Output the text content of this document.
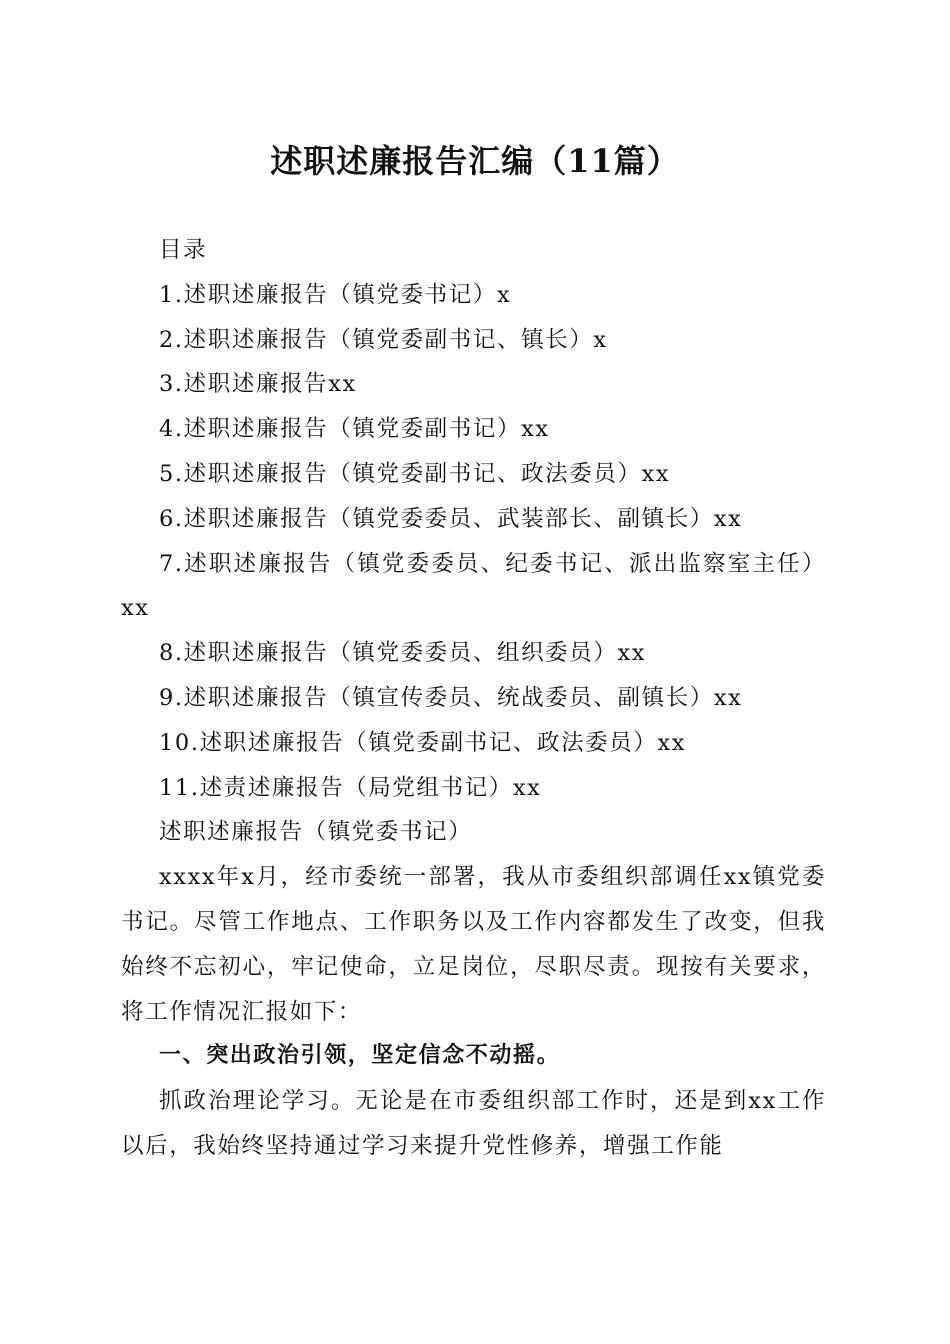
述职述廉报告汇编（11篇）

目录

1.述职述廉报告（镇党委书记）x

2.述职述廉报告（镇党委副书记、镇长）x

3.述职述廉报告xx

4.述职述廉报告（镇党委副书记）xx

5.述职述廉报告（镇党委副书记、政法委员）xx

6.述职述廉报告（镇党委委员、武装部长、副镇长）xx

7.述职述廉报告（镇党委委员、纪委书记、派出监察室主任）xx

8.述职述廉报告（镇党委委员、组织委员）xx

9.述职述廉报告（镇宣传委员、统战委员、副镇长）xx

10.述职述廉报告（镇党委副书记、政法委员）xx

11.述责述廉报告（局党组书记）xx

述职述廉报告（镇党委书记）

xxxx年x月，经市委统一部署，我从市委组织部调任xx镇党委书记。尽管工作地点、工作职务以及工作内容都发生了改变，但我始终不忘初心，牢记使命，立足岗位，尽职尽责。现按有关要求，将工作情况汇报如下：

一、突出政治引领，坚定信念不动摇。

抓政治理论学习。无论是在市委组织部工作时，还是到xx工作以后，我始终坚持通过学习来提升党性修养，增强工作能
